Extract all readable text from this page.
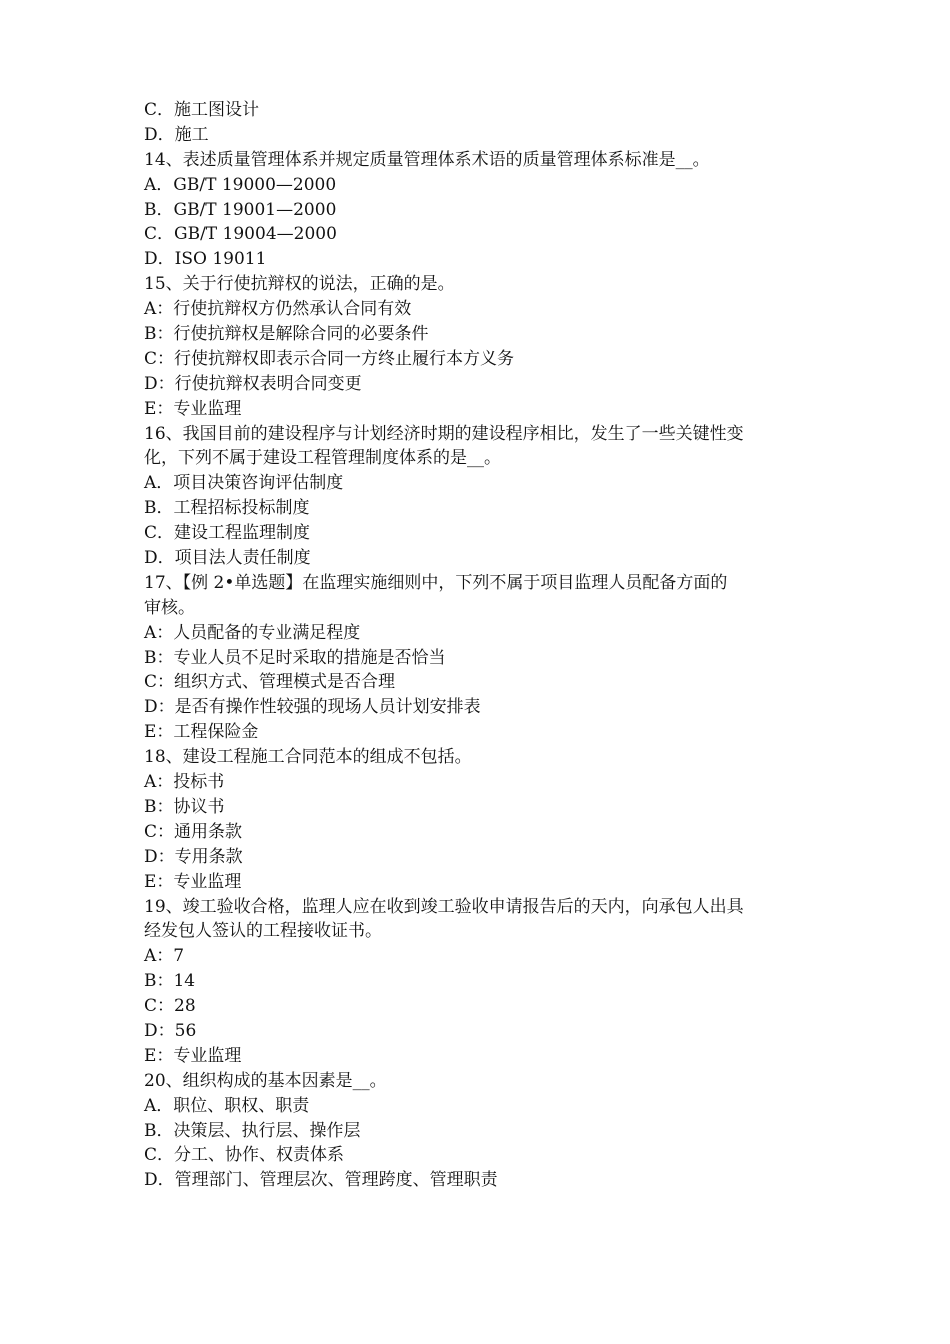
C．施工图设计
D．施工
14、表述质量管理体系并规定质量管理体系术语的质量管理体系标准是__。
A．GB/T 19000—2000
B．GB/T 19001—2000
C．GB/T 19004—2000
D．ISO 19011
15、关于行使抗辩权的说法，正确的是。
A：行使抗辩权方仍然承认合同有效
B：行使抗辩权是解除合同的必要条件
C：行使抗辩权即表示合同一方终止履行本方义务
D：行使抗辩权表明合同变更
E：专业监理
16、我国目前的建设程序与计划经济时期的建设程序相比，发生了一些关键性变
化，下列不属于建设工程管理制度体系的是__。
A．项目决策咨询评估制度
B．工程招标投标制度
C．建设工程监理制度
D．项目法人责任制度
17、【例 2•单选题】在监理实施细则中，下列不属于项目监理人员配备方面的
审核。
A：人员配备的专业满足程度
B：专业人员不足时采取的措施是否恰当
C：组织方式、管理模式是否合理
D：是否有操作性较强的现场人员计划安排表
E：工程保险金
18、建设工程施工合同范本的组成不包括。
A：投标书
B：协议书
C：通用条款
D：专用条款
E：专业监理
19、竣工验收合格，监理人应在收到竣工验收申请报告后的天内，向承包人出具
经发包人签认的工程接收证书。
A：7
B：14
C：28
D：56
E：专业监理
20、组织构成的基本因素是__。
A．职位、职权、职责
B．决策层、执行层、操作层
C．分工、协作、权责体系
D．管理部门、管理层次、管理跨度、管理职责
